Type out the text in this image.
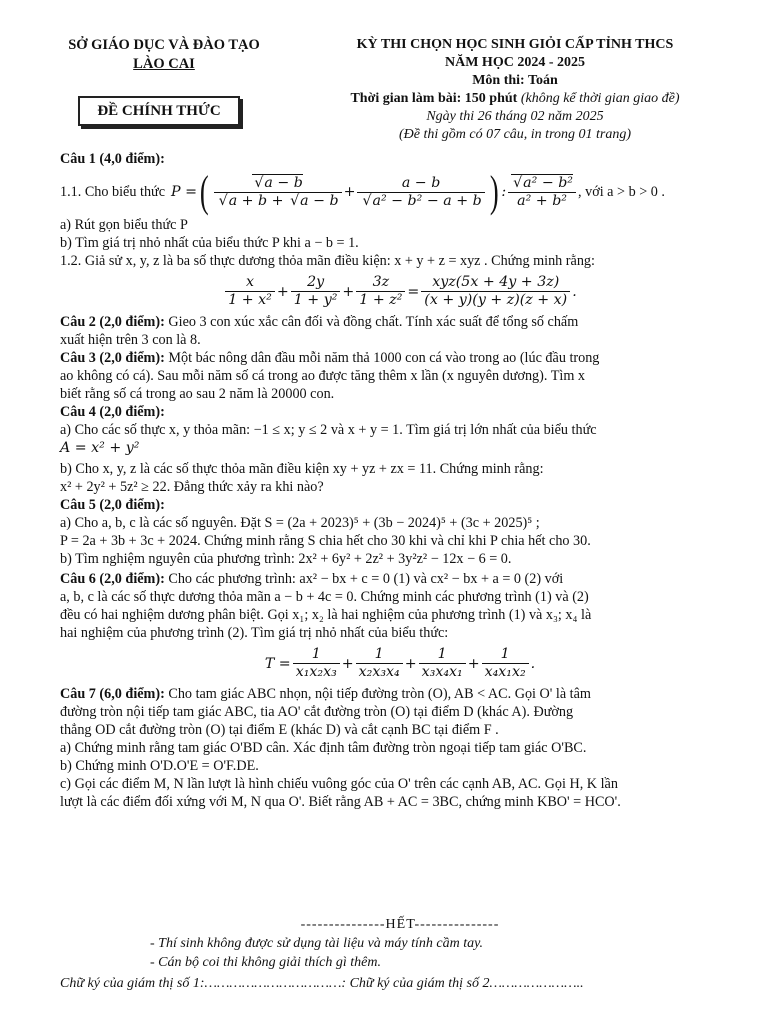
SỞ GIÁO DỤC VÀ ĐÀO TẠO
LÀO CAI
ĐỀ CHÍNH THỨC
KỲ THI CHỌN HỌC SINH GIỎI CẤP TỈNH THCS
NĂM HỌC 2024 - 2025
Môn thi: Toán
Thời gian làm bài: 150 phút (không kể thời gian giao đề)
Ngày thi 26 tháng 02 năm 2025
(Đề thi gồm có 07 câu, in trong 01 trang)
Câu 1 (4,0 điểm):
1.1. Cho biểu thức P = ( √ a − b
√ a + b + √ a − b + a − b
√ a² − b² − a + b ) : √ $\frac{\text{a² − b²}}{\text{a² + b²}}$ , với a > b > 0 .
a) Rút gọn biểu thức P
b) Tìm giá trị nhỏ nhất của biểu thức P khi a − b = 1.
1.2. Giả sử x, y, z là ba số thực dương thỏa mãn điều kiện: x + y + z = xyz . Chứng minh rằng:
$\frac{x}{\text{1 + x²}} + \frac{2y}{\text{1 + y²}} + \frac{3z}{\text{1 + z²}} = \frac{\text{xyz(5x + 4y + 3z)}}{(x + y)(y + z)(z + x)}$ .
Câu 2 (2,0 điểm): Gieo 3 con xúc xắc cân đối và đồng chất. Tính xác suất để tổng số chấm
xuất hiện trên 3 con là 8.
Câu 3 (2,0 điểm): Một bác nông dân đầu mỗi năm thả 1000 con cá vào trong ao (lúc đầu trong
ao không có cá). Sau mỗi năm số cá trong ao được tăng thêm x lần (x nguyên dương). Tìm x
biết rằng số cá trong ao sau 2 năm là 20000 con.
Câu 4 (2,0 điểm):
a) Cho các số thực x, y thỏa mãn: −1 ≤ x; y ≤ 2 và x + y = 1. Tìm giá trị lớn nhất của biểu thức
A = x² + y²
b) Cho x, y, z là các số thực thỏa mãn điều kiện xy + yz + zx = 11. Chứng minh rằng:
x² + 2y² + 5z² ≥ 22. Đẳng thức xảy ra khi nào?
Câu 5 (2,0 điểm):
a) Cho a, b, c là các số nguyên. Đặt S = (2a + 2023)⁵ + (3b − 2024)⁵ + (3c + 2025)⁵ ;
P = 2a + 3b + 3c + 2024. Chứng minh rằng S chia hết cho 30 khi và chỉ khi P chia hết cho 30.
b) Tìm nghiệm nguyên của phương trình: 2x² + 6y² + 2z² + 3y²z² − 12x − 6 = 0.
Câu 6 (2,0 điểm): Cho các phương trình: ax² − bx + c = 0 (1) và cx² − bx + a = 0 (2) với
a, b, c là các số thực dương thỏa mãn a − b + 4c = 0. Chứng minh các phương trình (1) và (2)
đều có hai nghiệm dương phân biệt. Gọi x₁; x₂ là hai nghiệm của phương trình (1) và x₃; x₄ là
hai nghiệm của phương trình (2). Tìm giá trị nhỏ nhất của biểu thức:
$T = \frac{1}{\text{x₁x₂x₃}} + \frac{1}{\text{x₂x₃x₄}} + \frac{1}{\text{x₃x₄x₁}} + \frac{1}{\text{x₄x₁x₂}}$ .
Câu 7 (6,0 điểm): Cho tam giác ABC nhọn, nội tiếp đường tròn (O), AB < AC. Gọi O' là tâm
đường tròn nội tiếp tam giác ABC, tia AO' cắt đường tròn (O) tại điểm D (khác A). Đường
thẳng OD cắt đường tròn (O) tại điểm E (khác D) và cắt cạnh BC tại điểm F .
a) Chứng minh rằng tam giác O'BD cân. Xác định tâm đường tròn ngoại tiếp tam giác O'BC.
b) Chứng minh O'D.O'E = O'F.DE.
c) Gọi các điểm M, N lần lượt là hình chiếu vuông góc của O' trên các cạnh AB, AC. Gọi H, K lần
lượt là các điểm đối xứng với M, N qua O'. Biết rằng AB + AC = 3BC, chứng minh KBO' = HCO'.
---------------HẾT---------------
- Thí sinh không được sử dụng tài liệu và máy tính cầm tay.
- Cán bộ coi thi không giải thích gì thêm.
Chữ ký của giám thị số 1:……………………………: Chữ ký của giám thị số 2…………………..
